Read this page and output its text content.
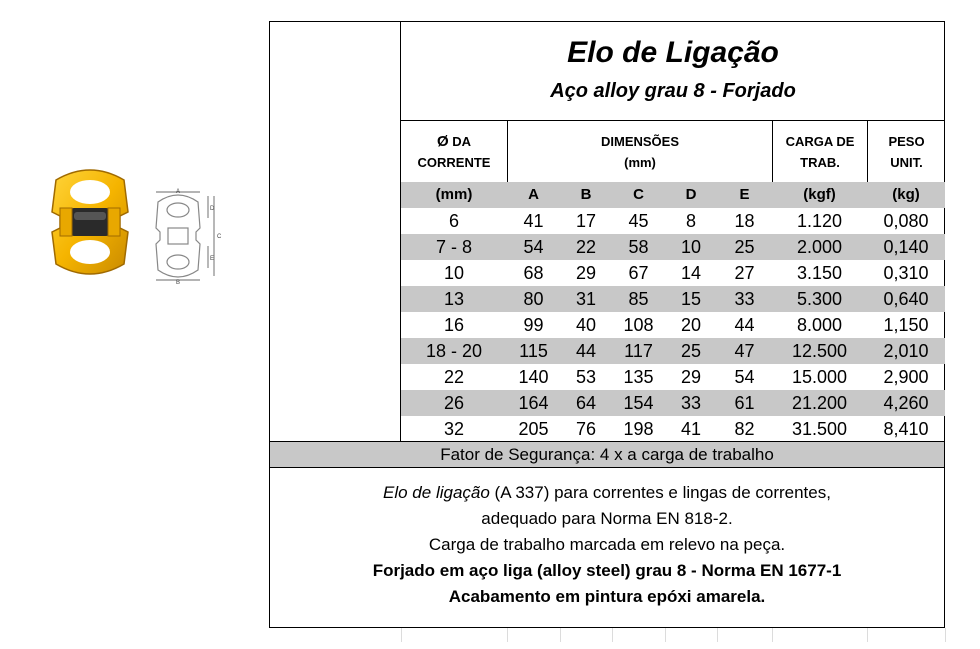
A
B
C
D
E
Elo de Ligação
Aço alloy grau 8 - Forjado
Ø DA
CORRENTE
DIMENSÕES
(mm)
CARGA DE
TRAB.
PESO
UNIT.
(mm)	A	B	C	D	E	(kgf)	(kg)
6	41	17	45	8	18	1.120	0,080
7 - 8	54	22	58	10	25	2.000	0,140
10	68	29	67	14	27	3.150	0,310
13	80	31	85	15	33	5.300	0,640
16	99	40	108	20	44	8.000	1,150
18 - 20	115	44	117	25	47	12.500	2,010
22	140	53	135	29	54	15.000	2,900
26	164	64	154	33	61	21.200	4,260
32	205	76	198	41	82	31.500	8,410
Fator de Segurança: 4 x a carga de trabalho
Elo de ligação (A 337) para correntes e lingas de correntes,
adequado para Norma EN 818-2.
Carga de trabalho marcada em relevo na peça.
Forjado em aço liga (alloy steel) grau 8 - Norma EN 1677-1
Acabamento em pintura epóxi amarela.
